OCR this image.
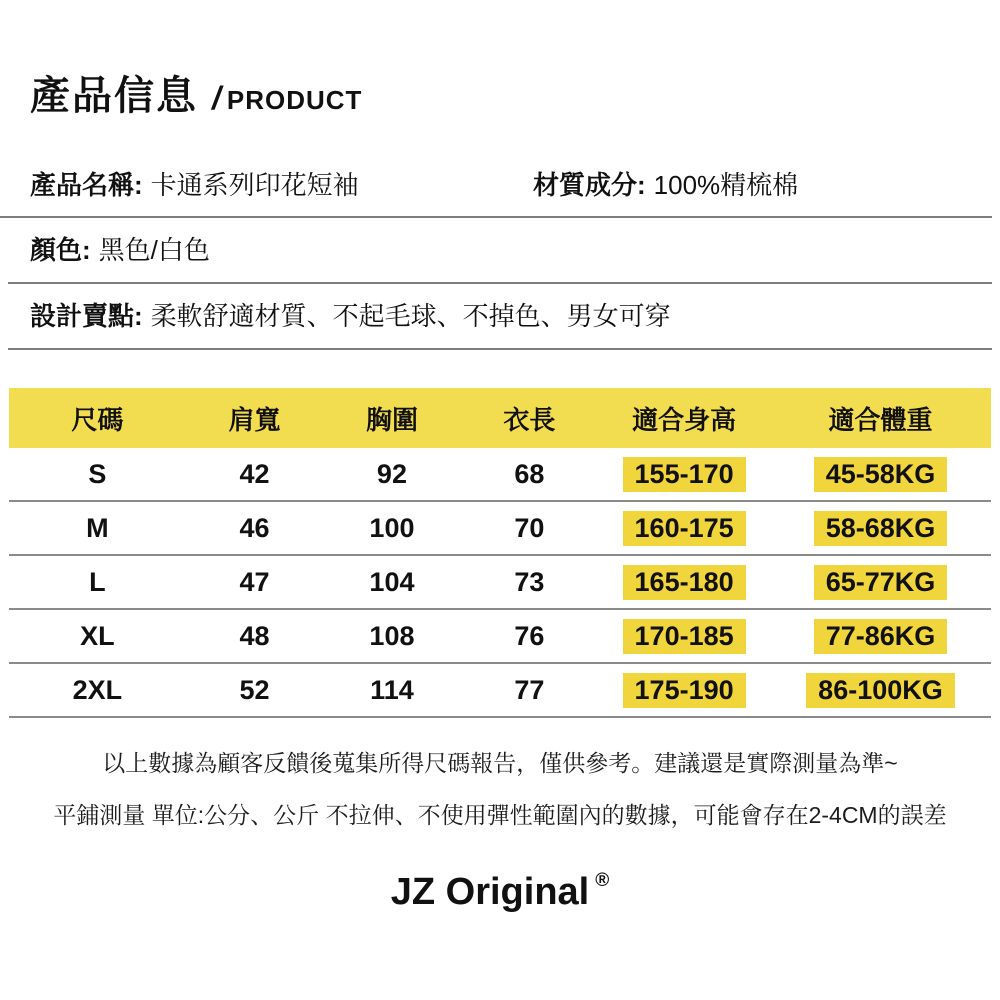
產品信息 / PRODUCT
產品名稱: 卡通系列印花短袖	材質成分: 100%精梳棉
顏色: 黑色/白色
設計賣點: 柔軟舒適材質、不起毛球、不掉色、男女可穿
尺碼	肩寬	胸圍	衣長	適合身高	適合體重
S	42	92	68	155-170	45-58KG
M	46	100	70	160-175	58-68KG
L	47	104	73	165-180	65-77KG
XL	48	108	76	170-185	77-86KG
2XL	52	114	77	175-190	86-100KG
以上數據為顧客反饋後蒐集所得尺碼報告，僅供參考。建議還是實際測量為準~
平鋪測量 單位:公分、公斤 不拉伸、不使用彈性範圍內的數據，可能會存在2-4CM的誤差
JZ Original ®
